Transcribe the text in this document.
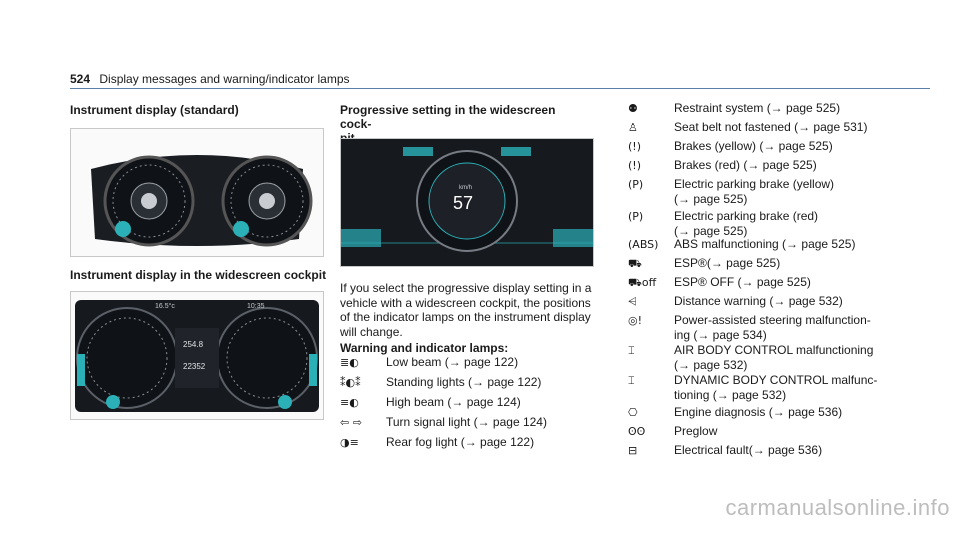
524 Display messages and warning/indicator lamps
Instrument display (standard)
Instrument display in the widescreen cockpit
16.5°c	10:35
254.8
22352
Progressive setting in the widescreen cock-

km/h
57
If you select the progressive display setting in a vehicle with a widescreen cockpit, the positions of the indicator lamps on the instrument display will change.
Warning and indicator lamps:
≣◐	Low beam (→ page 122)
⁑◐⁑	Standing lights (→ page 122)
≡◐	High beam (→ page 124)
⇦ ⇨	Turn signal light (→ page 124)
◑≡	Rear fog light (→ page 122)
⚉	Restraint system (→ page 525)
♙	Seat belt not fastened (→ page 531)
(!)	Brakes (yellow) (→ page 525)
(!)	Brakes (red) (→ page 525)
(P)	Electric parking brake (yellow)
(→ page 525)
(P)	Electric parking brake (red)
(→ page 525)
(ABS)	ABS malfunctioning (→ page 525)
⛟	ESP®(→ page 525)
⛟off	ESP® OFF (→ page 525)
⩤	Distance warning (→ page 532)
◎!	Power-assisted steering malfunction-
ing (→ page 534)
⌶	AIR BODY CONTROL malfunctioning
(→ page 532)
⌶	DYNAMIC BODY CONTROL malfunc-
tioning (→ page 532)
⎔	Engine diagnosis (→ page 536)
ʘʘ	Preglow
⊟	Electrical fault(→ page 536)
carmanualsonline.info
